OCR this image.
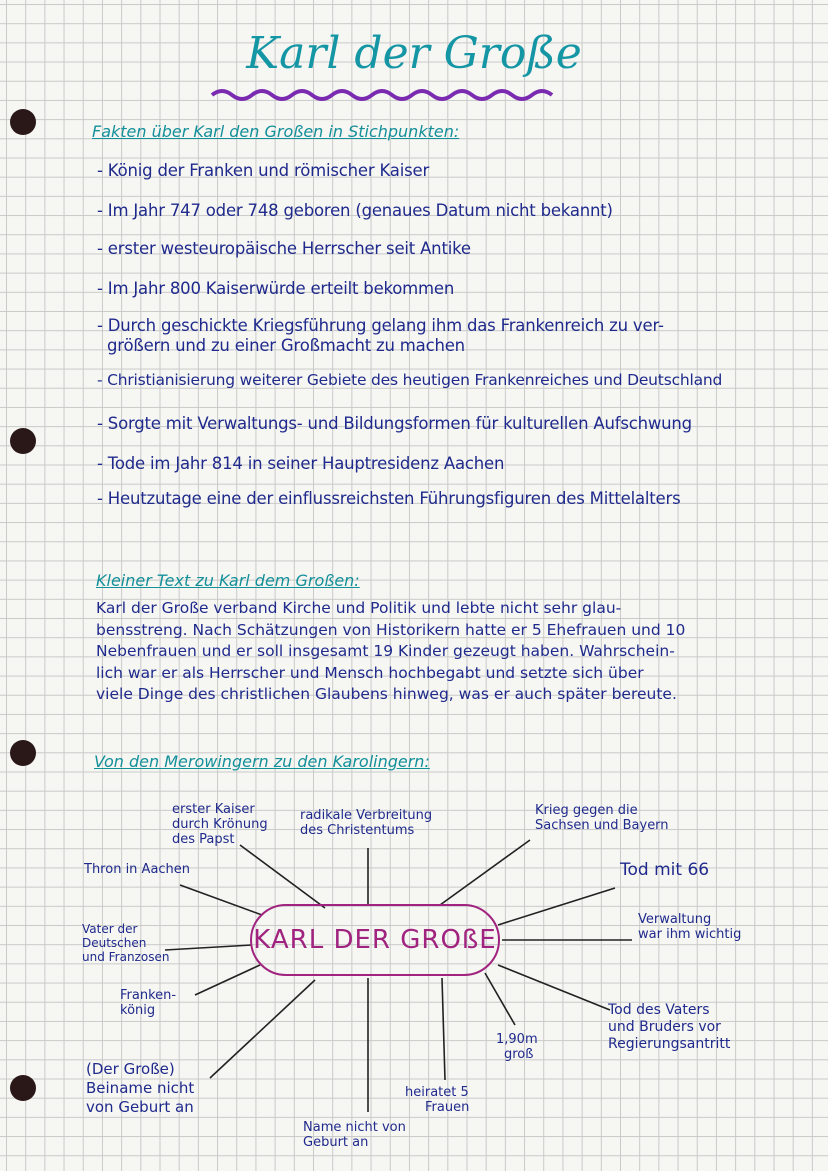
Karl der Große
Fakten über Karl den Großen in Stichpunkten:
- König der Franken und römischer Kaiser
- Im Jahr 747 oder 748 geboren (genaues Datum nicht bekannt)
- erster westeuropäische Herrscher seit Antike
- Im Jahr 800 Kaiserwürde erteilt bekommen
- Durch geschickte Kriegsführung gelang ihm das Frankenreich zu ver-
größern und zu einer Großmacht zu machen
- Christianisierung weiterer Gebiete des heutigen Frankenreiches und Deutschland
- Sorgte mit Verwaltungs- und Bildungsformen für kulturellen Aufschwung
- Tode im Jahr 814 in seiner Hauptresidenz Aachen
- Heutzutage eine der einflussreichsten Führungsfiguren des Mittelalters
Kleiner Text zu Karl dem Großen:
Karl der Große verband Kirche und Politik und lebte nicht sehr glau-
bensstreng. Nach Schätzungen von Historikern hatte er 5 Ehefrauen und 10
Nebenfrauen und er soll insgesamt 19 Kinder gezeugt haben. Wahrschein-
lich war er als Herrscher und Mensch hochbegabt und setzte sich über
viele Dinge des christlichen Glaubens hinweg, was er auch später bereute.
Von den Merowingern zu den Karolingern:
KARL DER GROßE
erster Kaiser
durch Krönung
des Papst
radikale Verbreitung
des Christentums
Krieg gegen die
Sachsen und Bayern
Tod mit 66
Verwaltung
war ihm wichtig
Thron in Aachen
Vater der
Deutschen
und Franzosen
Franken-
könig
(Der Große)
Beiname nicht
von Geburt an
Name nicht von
Geburt an
heiratet 5
Frauen
1,90m
groß
Tod des Vaters
und Bruders vor
Regierungsantritt
